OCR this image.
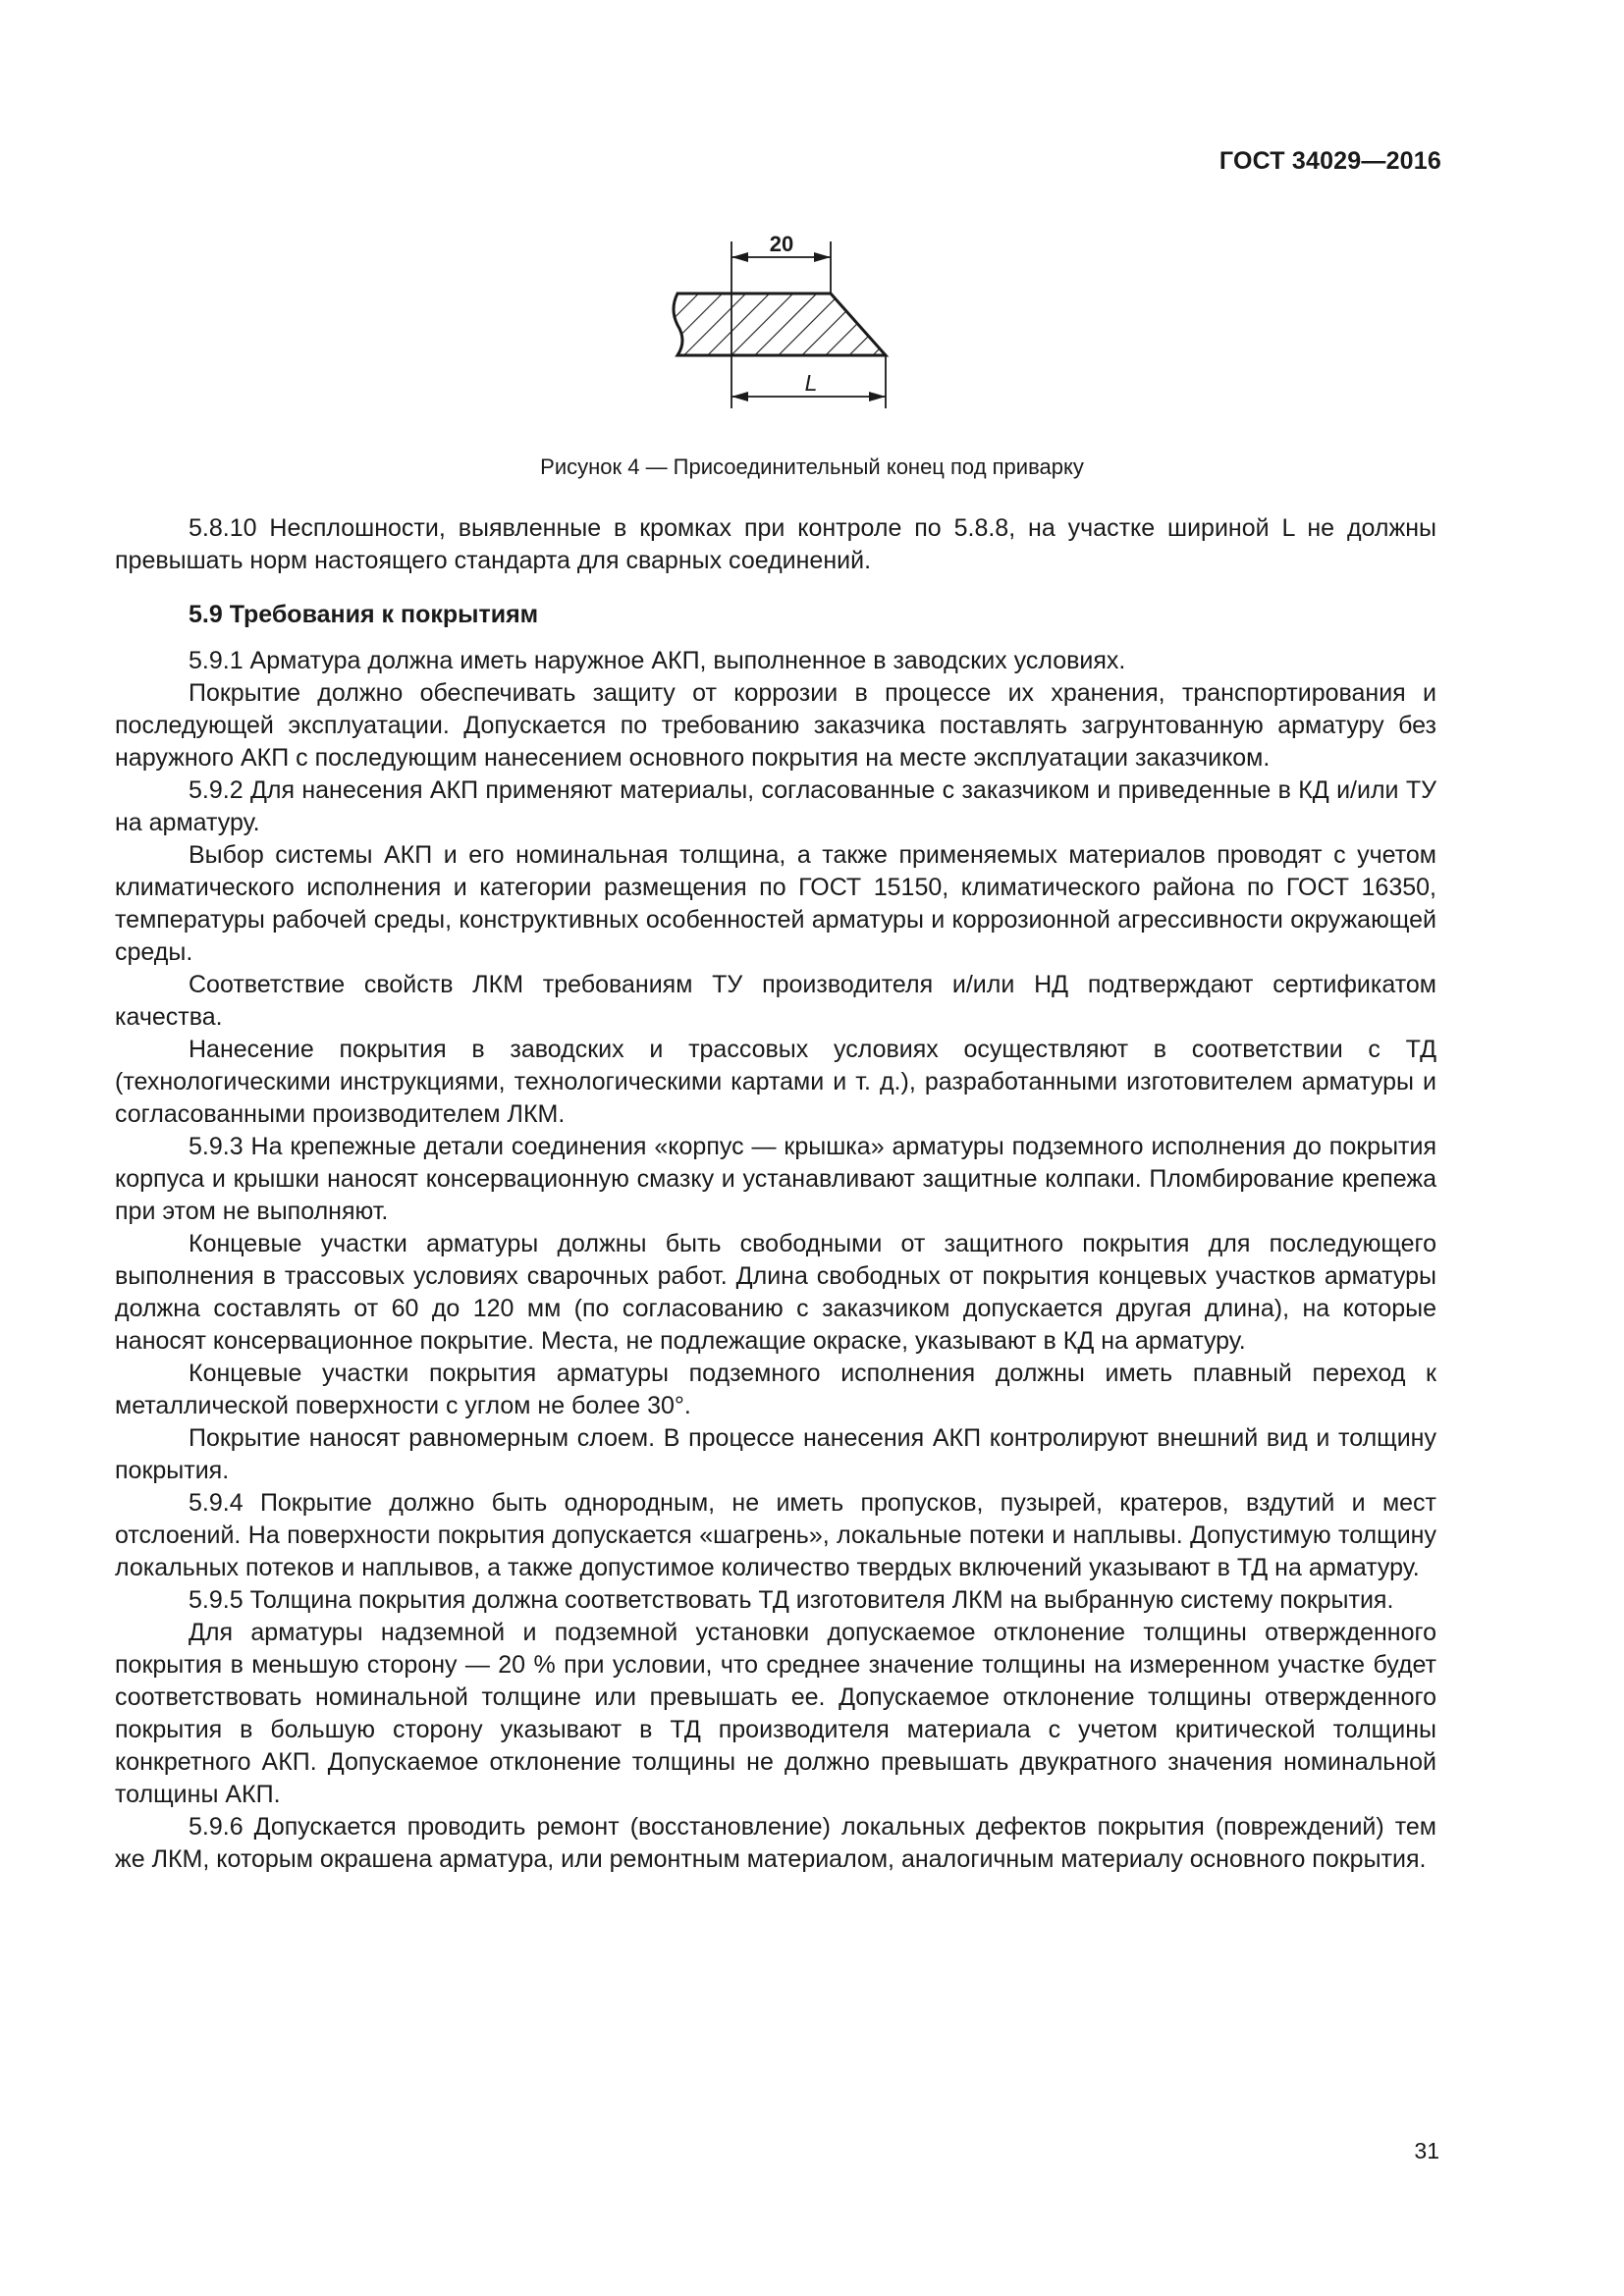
ГОСТ 34029—2016
20
L
Рисунок 4 — Присоединительный конец под приварку

5.8.10 Несплошности, выявленные в кромках при контроле по 5.8.8, на участке шириной L не должны превышать норм настоящего стандарта для сварных соединений.

5.9 Требования к покрытиям

5.9.1 Арматура должна иметь наружное АКП, выполненное в заводских условиях.

Покрытие должно обеспечивать защиту от коррозии в процессе их хранения, транспортирования и последующей эксплуатации. Допускается по требованию заказчика поставлять загрунтованную арматуру без наружного АКП с последующим нанесением основного покрытия на месте эксплуатации заказчиком.

5.9.2 Для нанесения АКП применяют материалы, согласованные с заказчиком и приведенные в КД и/или ТУ на арматуру.

Выбор системы АКП и его номинальная толщина, а также применяемых материалов проводят с учетом климатического исполнения и категории размещения по ГОСТ 15150, климатического района по ГОСТ 16350, температуры рабочей среды, конструктивных особенностей арматуры и коррозионной агрессивности окружающей среды.

Соответствие свойств ЛКМ требованиям ТУ производителя и/или НД подтверждают сертификатом качества.

Нанесение покрытия в заводских и трассовых условиях осуществляют в соответствии с ТД (технологическими инструкциями, технологическими картами и т. д.), разработанными изготовителем арматуры и согласованными производителем ЛКМ.

5.9.3 На крепежные детали соединения «корпус — крышка» арматуры подземного исполнения до покрытия корпуса и крышки наносят консервационную смазку и устанавливают защитные колпаки. Пломбирование крепежа при этом не выполняют.

Концевые участки арматуры должны быть свободными от защитного покрытия для последующего выполнения в трассовых условиях сварочных работ. Длина свободных от покрытия концевых участков арматуры должна составлять от 60 до 120 мм (по согласованию с заказчиком допускается другая длина), на которые наносят консервационное покрытие. Места, не подлежащие окраске, указывают в КД на арматуру.

Концевые участки покрытия арматуры подземного исполнения должны иметь плавный переход к металлической поверхности с углом не более 30°.

Покрытие наносят равномерным слоем. В процессе нанесения АКП контролируют внешний вид и толщину покрытия.

5.9.4 Покрытие должно быть однородным, не иметь пропусков, пузырей, кратеров, вздутий и мест отслоений. На поверхности покрытия допускается «шагрень», локальные потеки и наплывы. Допустимую толщину локальных потеков и наплывов, а также допустимое количество твердых включений указывают в ТД на арматуру.

5.9.5 Толщина покрытия должна соответствовать ТД изготовителя ЛКМ на выбранную систему покрытия.

Для арматуры надземной и подземной установки допускаемое отклонение толщины отвержденного покрытия в меньшую сторону — 20 % при условии, что среднее значение толщины на измеренном участке будет соответствовать номинальной толщине или превышать ее. Допускаемое отклонение толщины отвержденного покрытия в большую сторону указывают в ТД производителя материала с учетом критической толщины конкретного АКП. Допускаемое отклонение толщины не должно превышать двукратного значения номинальной толщины АКП.

5.9.6 Допускается проводить ремонт (восстановление) локальных дефектов покрытия (повреждений) тем же ЛКМ, которым окрашена арматура, или ремонтным материалом, аналогичным материалу основного покрытия.

31
